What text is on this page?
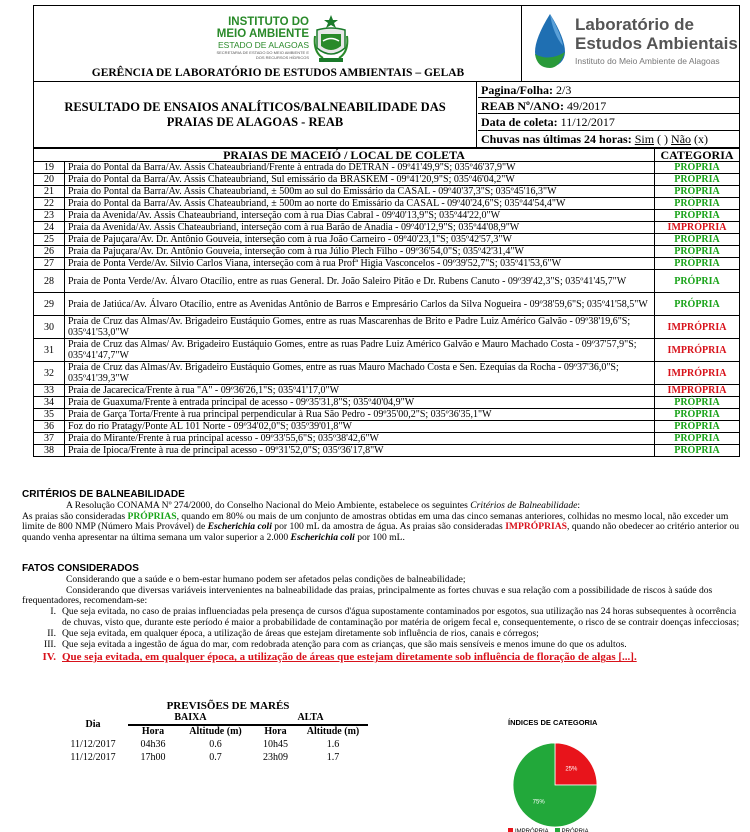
INSTITUTO DO
MEIO AMBIENTE
ESTADO DE ALAGOAS
SECRETARIA DE ESTADO DO MEIO AMBIENTE E DOS RECURSOS HÍDRICOS
GERÊNCIA DE LABORATÓRIO DE ESTUDOS AMBIENTAIS – GELAB
Laboratório de
Estudos Ambientais
Instituto do Meio Ambiente de Alagoas
RESULTADO DE ENSAIOS ANALÍTICOS/BALNEABILIDADE DAS
PRAIAS DE ALAGOAS - REAB
Pagina/Folha: 2/3
REAB Nº/ANO: 49/2017
Data de coleta: 11/12/2017
Chuvas nas últimas 24 horas: Sim ( ) Não (x)
PRAIAS DE MACEIÓ / LOCAL DE COLETA		CATEGORIA
19	Praia do Pontal da Barra/Av. Assis Chateaubriand/Frente à entrada do DETRAN - 09º41'49,9"S; 035º46'37,9"W	PRÓPRIA
20	Praia do Pontal da Barra/Av. Assis Chateaubriand, Sul emissário da BRASKEM - 09º41'20,9"S; 035º46'04,2"W	PRÓPRIA
21	Praia do Pontal da Barra/Av. Assis Chateaubriand, ± 500m ao sul do Emissário da CASAL - 09º40'37,3"S; 035º45'16,3"W	PRÓPRIA
22	Praia do Pontal da Barra/Av. Assis Chateaubriand, ± 500m ao norte do Emissário da CASAL - 09º40'24,6"S; 035º44'54,4"W	PRÓPRIA
23	Praia da Avenida/Av. Assis Chateaubriand, interseção com à rua Dias Cabral - 09º40'13,9"S; 035º44'22,0"W	PRÓPRIA
24	Praia da Avenida/Av. Assis Chateaubriand, interseção com à rua Barão de Anadia - 09º40'12,9"S; 035º44'08,9"W	IMPRÓPRIA
25	Praia de Pajuçara/Av. Dr. Antônio Gouveia, interseção com à rua João Carneiro - 09º40'23,1"S; 035º42'57,3"W	PRÓPRIA
26	Praia da Pajuçara/Av. Dr. Antônio Gouveia, interseção com à rua Júlio Plech Filho - 09º36'54,0"S; 035º42'31,4"W	PRÓPRIA
27	Praia de Ponta Verde/Av. Silvio Carlos Viana, interseção com à rua Profª Higia Vasconcelos - 09º39'52,7"S; 035º41'53,6"W	PRÓPRIA
28	Praia de Ponta Verde/Av. Álvaro Otacílio, entre as ruas General. Dr. João Saleiro Pitão e Dr. Rubens Canuto - 09º39'42,3"S; 035º41'45,7"W	PRÓPRIA
29	Praia de Jatiúca/Av. Álvaro Otacílio, entre as Avenidas Antônio de Barros e Empresário Carlos da Silva Nogueira - 09º38'59,6"S; 035º41'58,5"W	PRÓPRIA
30	Praia de Cruz das Almas/Av. Brigadeiro Eustáquio Gomes, entre as ruas Mascarenhas de Brito e Padre Luiz Américo Galvão - 09º38'19,6"S; 035º41'53,0"W	IMPRÓPRIA
31	Praia de Cruz das Almas/ Av. Brigadeiro Eustáquio Gomes, entre as ruas Padre Luiz Américo Galvão e Mauro Machado Costa - 09º37'57,9"S; 035º41'47,7"W	IMPRÓPRIA
32	Praia de Cruz das Almas/Av. Brigadeiro Eustáquio Gomes, entre as ruas Mauro Machado Costa e Sen. Ezequias da Rocha - 09º37'36,0"S; 035º41'39,3"W	IMPRÓPRIA
33	Praia de Jacarecica/Frente à rua "A" - 09º36'26,1"S; 035º41'17,0"W	IMPRÓPRIA
34	Praia de Guaxuma/Frente à entrada principal de acesso - 09º35'31,8"S; 035º40'04,9"W	PRÓPRIA
35	Praia de Garça Torta/Frente à rua principal perpendicular à Rua São Pedro - 09º35'00,2"S; 035º36'35,1"W	PRÓPRIA
36	Foz do rio Pratagy/Ponte AL 101 Norte - 09º34'02,0"S; 035º39'01,8"W	PRÓPRIA
37	Praia do Mirante/Frente à rua principal acesso - 09º33'55,6"S; 035º38'42,6"W	PRÓPRIA
38	Praia de Ipioca/Frente à rua de principal acesso - 09º31'52,0"S; 035º36'17,8"W	PRÓPRIA
CRITÉRIOS DE BALNEABILIDADE
A Resolução CONAMA Nº 274/2000, do Conselho Nacional do Meio Ambiente, estabelece os seguintes Critérios de Balneabilidade:
As praias são consideradas PRÓPRIAS, quando em 80% ou mais de um conjunto de amostras obtidas em uma das cinco semanas anteriores, colhidas no mesmo local, não exceder um limite de 800 NMP (Número Mais Provável) de Escherichia coli por 100 mL da amostra de água. As praias são consideradas IMPRÓPRIAS, quando não obedecer ao critério anterior ou quando venha apresentar na última semana um valor superior a 2.000 Escherichia coli por 100 mL.
FATOS CONSIDERADOS
Considerando que a saúde e o bem-estar humano podem ser afetados pelas condições de balneabilidade;
Considerando que diversas variáveis intervenientes na balneabilidade das praias, principalmente as fortes chuvas e sua relação com a possibilidade de riscos à saúde dos frequentadores, recomendam-se:
I. Que seja evitada, no caso de praias influenciadas pela presença de cursos d'água supostamente contaminados por esgotos, sua utilização nas 24 horas subsequentes à ocorrência de chuvas, visto que, durante este período é maior a probabilidade de contaminação por matéria de origem fecal e, consequentemente, o risco de se contrair doenças infecciosas;
II. Que seja evitada, em qualquer época, a utilização de áreas que estejam diretamente sob influência de rios, canais e córregos;
III. Que seja evitada a ingestão de água do mar, com redobrada atenção para com as crianças, que são mais sensíveis e menos imune do que os adultos.
IV. Que seja evitada, em qualquer época, a utilização de áreas que estejam diretamente sob influência de floração de algas [...].
PREVISÕES DE MARÉS
Dia	BAIXA		ALTA	
	Hora	Altitude (m)	Hora	Altitude (m)
11/12/2017	04h36	0.6	10h45	1.6
11/12/2017	17h00	0.7	23h09	1.7
ÍNDICES DE CATEGORIA
25%
75%
IMPRÓPRIA PRÓPRIA
